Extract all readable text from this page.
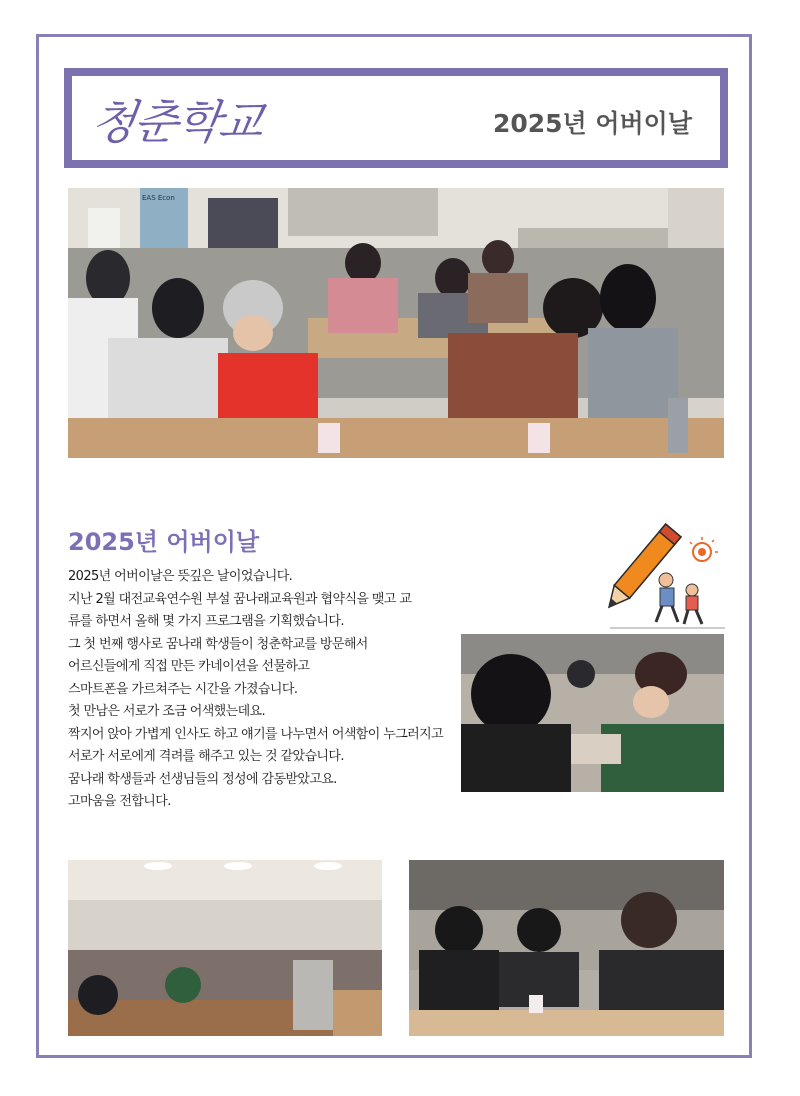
청춘학교	2025년 어버이날
EAS Econ
2025년 어버이날
2025년 어버이날은 뜻깊은 날이었습니다.
지난 2월 대전교육연수원 부설 꿈나래교육원과 협약식을 맺고 교
류를 하면서 올해 몇 가지 프로그램을 기획했습니다.
그 첫 번째 행사로 꿈나래 학생들이 청춘학교를 방문해서
어르신들에게 직접 만든 카네이션을 선물하고
스마트폰을 가르쳐주는 시간을 가졌습니다.
첫 만남은 서로가 조금 어색했는데요.
짝지어 앉아 가볍게 인사도 하고 얘기를 나누면서 어색함이 누그러지고
서로가 서로에게 격려를 해주고 있는 것 같았습니다.
꿈나래 학생들과 선생님들의 정성에 감동받았고요.
고마움을 전합니다.
